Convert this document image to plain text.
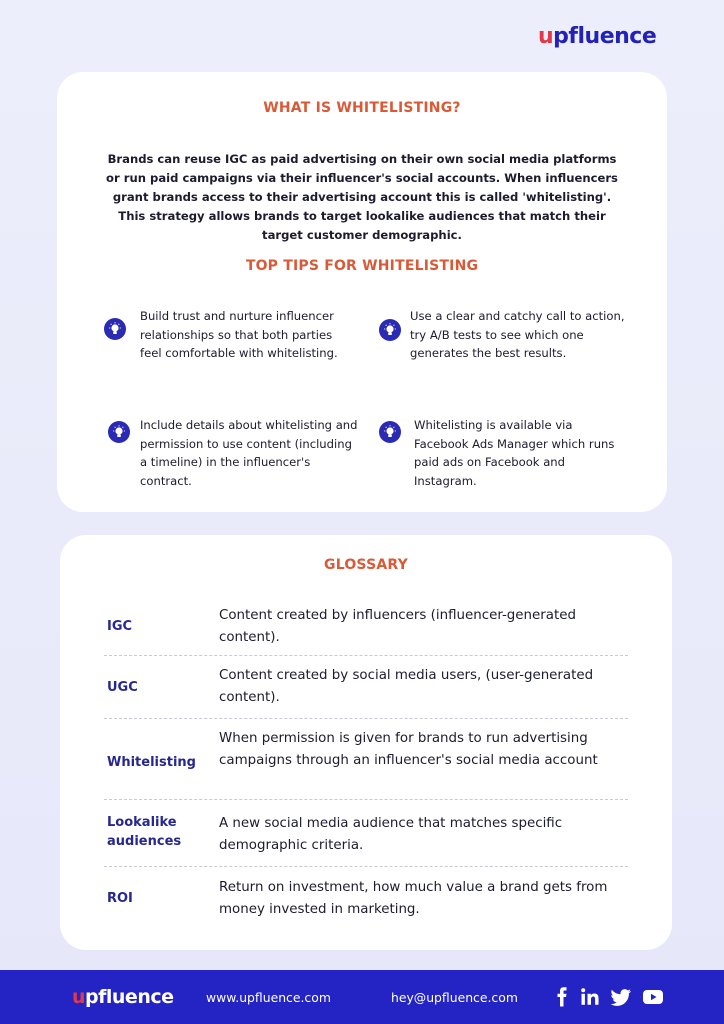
upfluence
WHAT IS WHITELISTING?
Brands can reuse IGC as paid advertising on their own social media platforms or run paid campaigns via their influencer's social accounts. When influencers grant brands access to their advertising account this is called 'whitelisting'. This strategy allows brands to target lookalike audiences that match their target customer demographic.
TOP TIPS FOR WHITELISTING
Build trust and nurture influencer relationships so that both parties feel comfortable with whitelisting.
Use a clear and catchy call to action, try A/B tests to see which one generates the best results.
Include details about whitelisting and permission to use content (including a timeline) in the influencer's contract.
Whitelisting is available via Facebook Ads Manager which runs paid ads on Facebook and Instagram.
GLOSSARY
IGC
Content created by influencers (influencer-generated content).
UGC
Content created by social media users, (user-generated content).
Whitelisting
When permission is given for brands to run advertising campaigns through an influencer's social media account
Lookalike audiences
A new social media audience that matches specific demographic criteria.
ROI
Return on investment, how much value a brand gets from money invested in marketing.
upfluence	www.upfluence.com	hey@upfluence.com
